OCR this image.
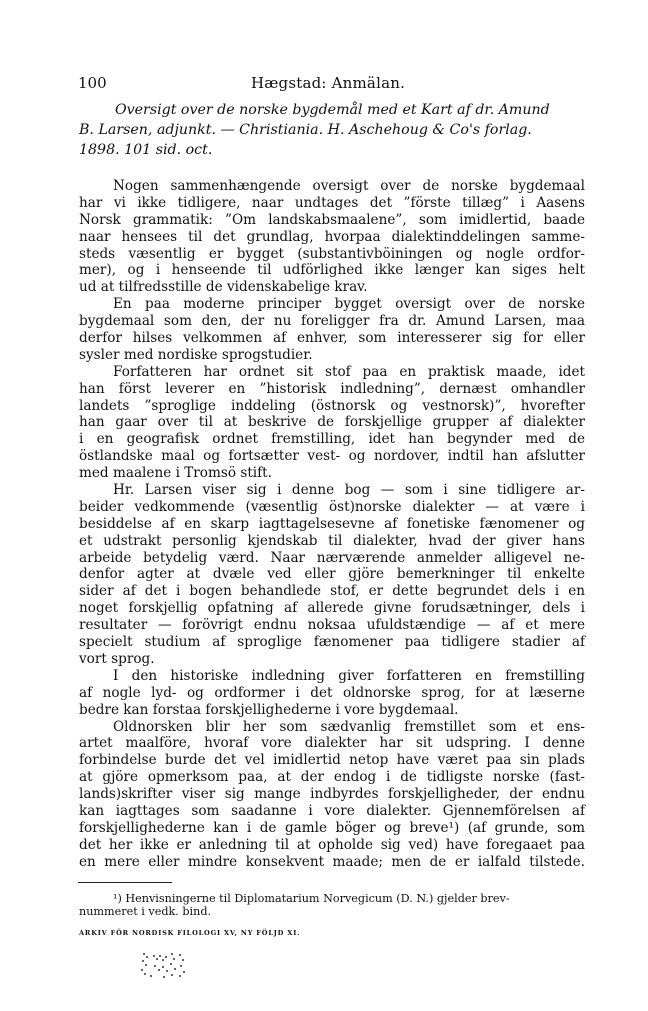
100	Hægstad: Anmälan.
Oversigt over de norske bygdemål med et Kart af dr. Amund
B. Larsen, adjunkt. — Christiania. H. Aschehoug & Co's forlag.
1898. 101 sid. oct.
Nogen sammenhængende oversigt over de norske bygdemaal
har vi ikke tidligere, naar undtages det ”förste tillæg” i Aasens
Norsk grammatik: ”Om landskabsmaalene”, som imidlertid, baade
naar hensees til det grundlag, hvorpaa dialektinddelingen samme-
steds væsentlig er bygget (substantivböiningen og nogle ordfor-
mer), og i henseende til udförlighed ikke længer kan siges helt
ud at tilfredsstille de videnskabelige krav.
En paa moderne principer bygget oversigt over de norske
bygdemaal som den, der nu foreligger fra dr. Amund Larsen, maa
derfor hilses velkommen af enhver, som interesserer sig for eller
sysler med nordiske sprogstudier.
Forfatteren har ordnet sit stof paa en praktisk maade, idet
han först leverer en ”historisk indledning”, dernæst omhandler
landets ”sproglige inddeling (östnorsk og vestnorsk)”, hvorefter
han gaar over til at beskrive de forskjellige grupper af dialekter
i en geografisk ordnet fremstilling, idet han begynder med de
östlandske maal og fortsætter vest- og nordover, indtil han afslutter
med maalene i Tromsö stift.
Hr. Larsen viser sig i denne bog — som i sine tidligere ar-
beider vedkommende (væsentlig öst)norske dialekter — at være i
besiddelse af en skarp iagttagelsesevne af fonetiske fænomener og
et udstrakt personlig kjendskab til dialekter, hvad der giver hans
arbeide betydelig værd. Naar nærværende anmelder alligevel ne-
denfor agter at dvæle ved eller gjöre bemerkninger til enkelte
sider af det i bogen behandlede stof, er dette begrundet dels i en
noget forskjellig opfatning af allerede givne forudsætninger, dels i
resultater — forövrigt endnu noksaa ufuldstændige — af et mere
specielt studium af sproglige fænomener paa tidligere stadier af
vort sprog.
I den historiske indledning giver forfatteren en fremstilling
af nogle lyd- og ordformer i det oldnorske sprog, for at læserne
bedre kan forstaa forskjellighederne i vore bygdemaal.
Oldnorsken blir her som sædvanlig fremstillet som et ens-
artet maalföre, hvoraf vore dialekter har sit udspring. I denne
forbindelse burde det vel imidlertid netop have været paa sin plads
at gjöre opmerksom paa, at der endog i de tidligste norske (fast-
lands)skrifter viser sig mange indbyrdes forskjelligheder, der endnu
kan iagttages som saadanne i vore dialekter. Gjennemförelsen af
forskjellighederne kan i de gamle böger og breve¹) (af grunde, som
det her ikke er anledning til at opholde sig ved) have foregaaet paa
en mere eller mindre konsekvent maade; men de er ialfald tilstede.
¹) Henvisningerne til Diplomatarium Norvegicum (D. N.) gjelder brev-
nummeret i vedk. bind.
ARKIV FÖR NORDISK FILOLOGI XV, NY FÖLJD XI.
